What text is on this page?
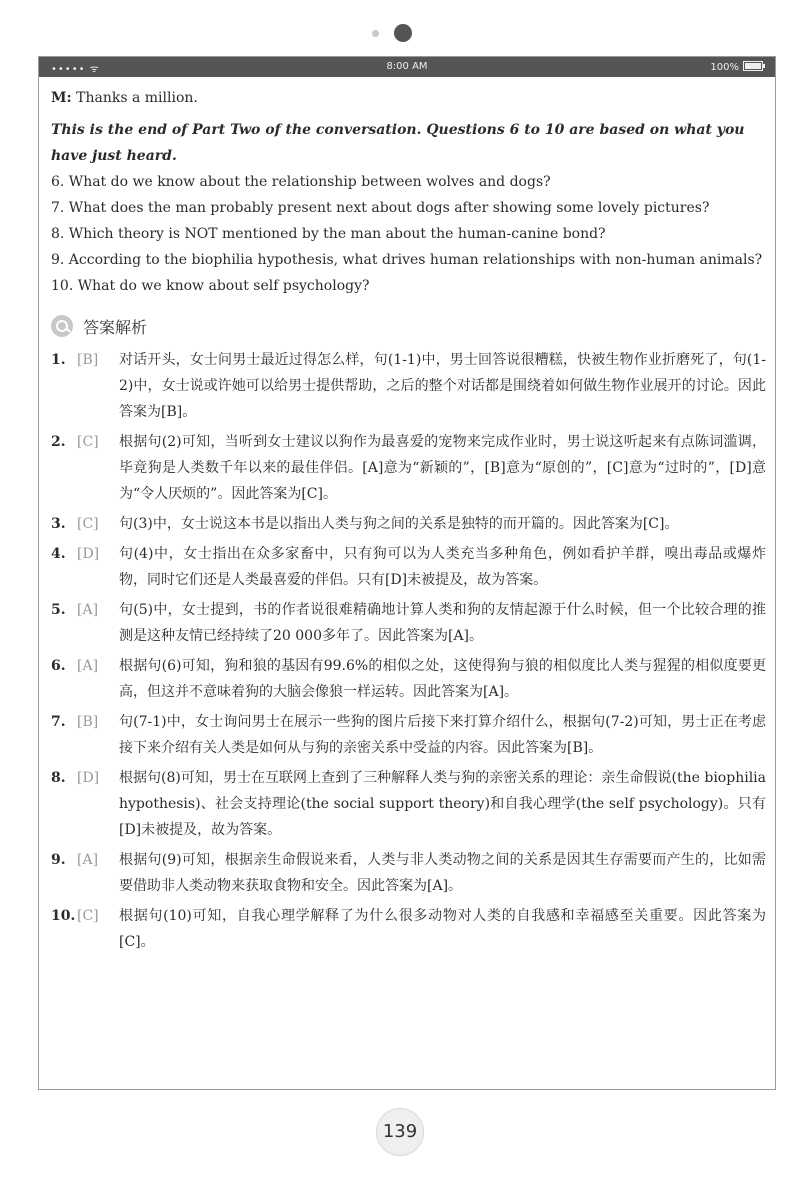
••••• ᯤ	8:00 AM	100%
M: Thanks a million.
This is the end of Part Two of the conversation. Questions 6 to 10 are based on what you have just heard.
6. What do we know about the relationship between wolves and dogs?
7. What does the man probably present next about dogs after showing some lovely pictures?
8. Which theory is NOT mentioned by the man about the human-canine bond?
9. According to the biophilia hypothesis, what drives human relationships with non-human animals?
10. What do we know about self psychology?
答案解析
1. [B] 对话开头，女士问男士最近过得怎么样，句(1-1)中，男士回答说很糟糕，快被生物作业折磨死了，句(1-2)中，女士说或许她可以给男士提供帮助，之后的整个对话都是围绕着如何做生物作业展开的讨论。因此答案为[B]。
2. [C] 根据句(2)可知，当听到女士建议以狗作为最喜爱的宠物来完成作业时，男士说这听起来有点陈词滥调，毕竟狗是人类数千年以来的最佳伴侣。[A]意为“新颖的”，[B]意为“原创的”，[C]意为“过时的”，[D]意为“令人厌烦的”。因此答案为[C]。
3. [C] 句(3)中，女士说这本书是以指出人类与狗之间的关系是独特的而开篇的。因此答案为[C]。
4. [D] 句(4)中，女士指出在众多家畜中，只有狗可以为人类充当多种角色，例如看护羊群，嗅出毒品或爆炸物，同时它们还是人类最喜爱的伴侣。只有[D]未被提及，故为答案。
5. [A] 句(5)中，女士提到，书的作者说很难精确地计算人类和狗的友情起源于什么时候，但一个比较合理的推测是这种友情已经持续了20 000多年了。因此答案为[A]。
6. [A] 根据句(6)可知，狗和狼的基因有99.6%的相似之处，这使得狗与狼的相似度比人类与猩猩的相似度要更高，但这并不意味着狗的大脑会像狼一样运转。因此答案为[A]。
7. [B] 句(7-1)中，女士询问男士在展示一些狗的图片后接下来打算介绍什么，根据句(7-2)可知，男士正在考虑接下来介绍有关人类是如何从与狗的亲密关系中受益的内容。因此答案为[B]。
8. [D] 根据句(8)可知，男士在互联网上查到了三种解释人类与狗的亲密关系的理论：亲生命假说(the biophilia hypothesis)、社会支持理论(the social support theory)和自我心理学(the self psychology)。只有[D]未被提及，故为答案。
9. [A] 根据句(9)可知，根据亲生命假说来看，人类与非人类动物之间的关系是因其生存需要而产生的，比如需要借助非人类动物来获取食物和安全。因此答案为[A]。
10. [C] 根据句(10)可知，自我心理学解释了为什么很多动物对人类的自我感和幸福感至关重要。因此答案为[C]。
139
